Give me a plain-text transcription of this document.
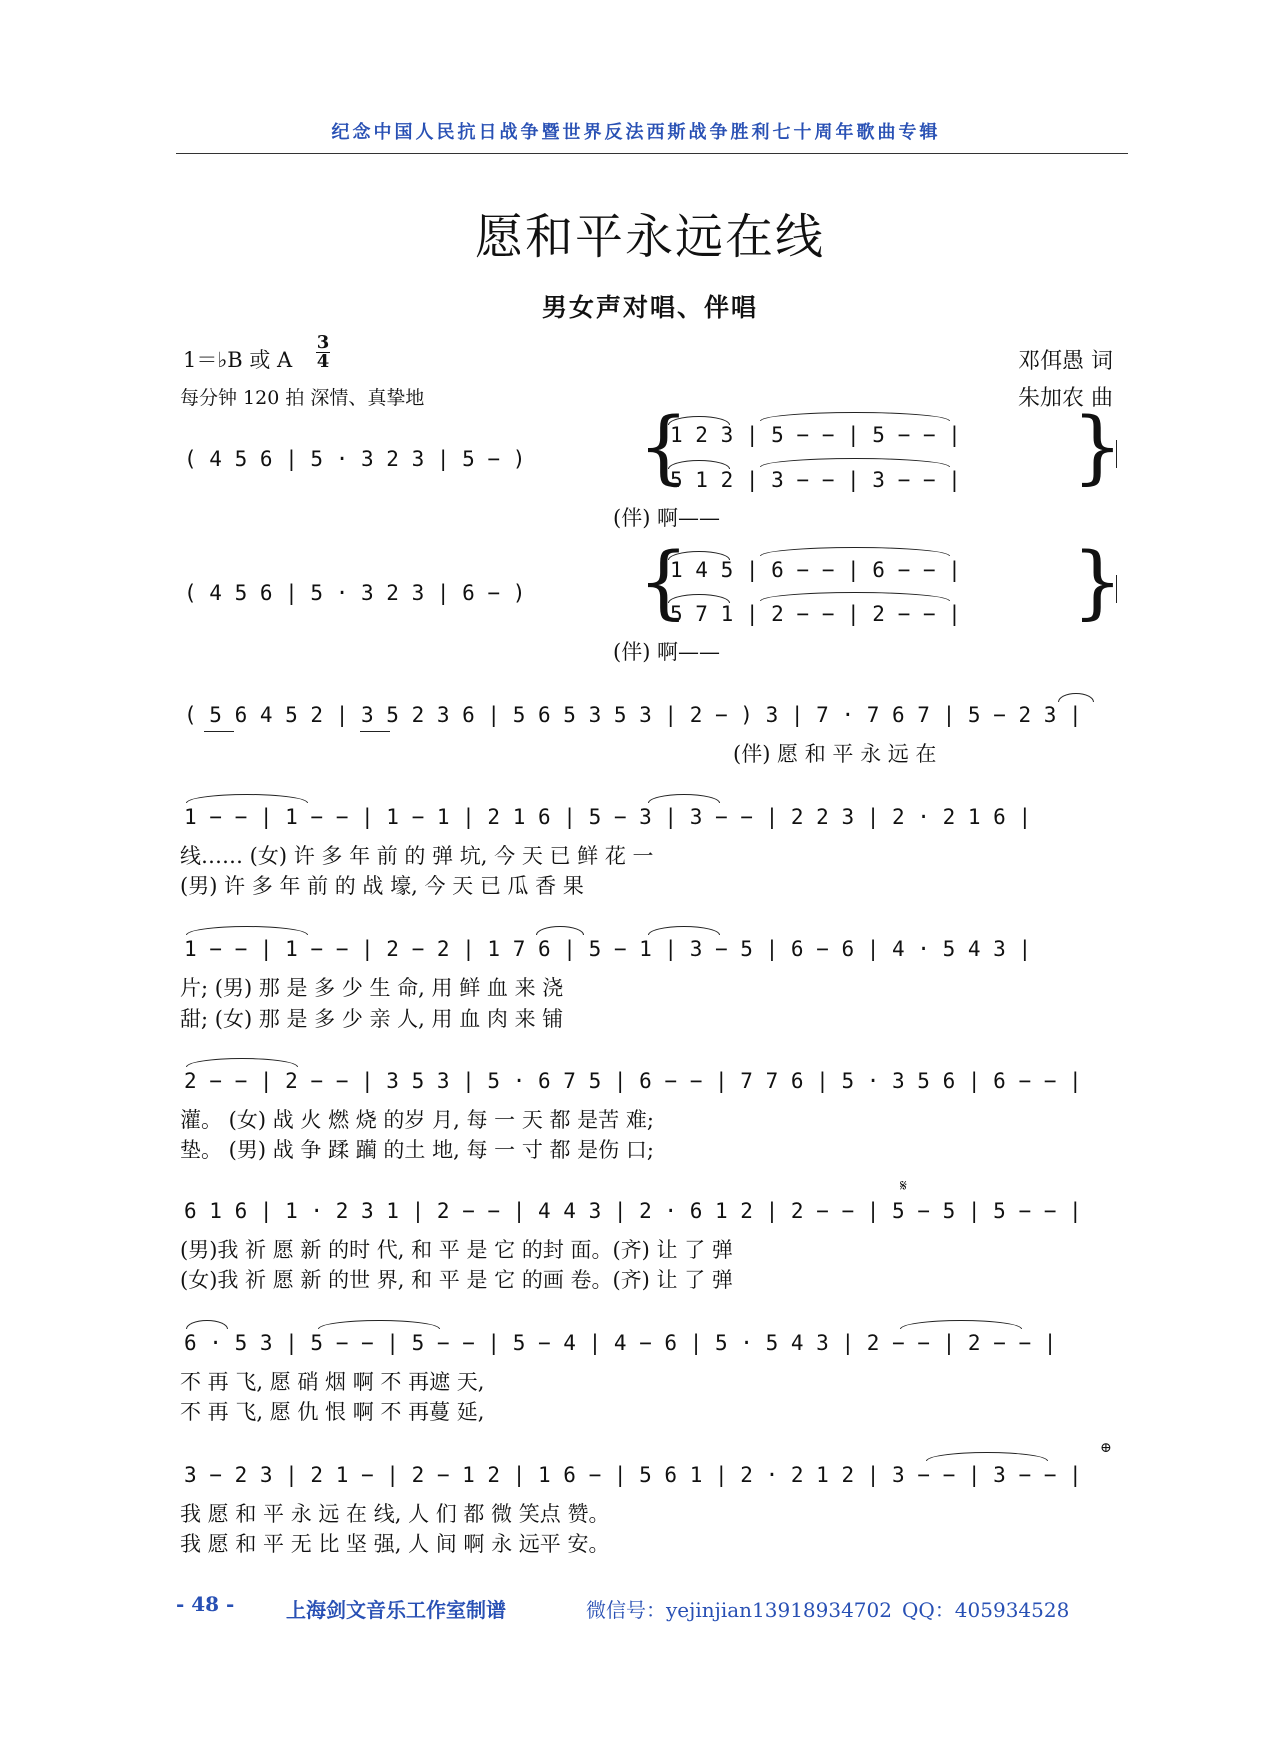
纪念中国人民抗日战争暨世界反法西斯战争胜利七十周年歌曲专辑
愿和平永远在线
男女声对唱、伴唱
1＝♭B 或 A
3
4
每分钟 120 拍 深情、真挚地
邓佴愚 词
朱加农 曲
( 4 5 6 | 5 · 3 2 3 | 5 − ) {
1 2 3 | 5 − − | 5 − − |
5 1 2 | 3 − − | 3 − − |
(伴) 啊——
}
( 4 5 6 | 5 · 3 2 3 | 6 − ) {
1 4 5 | 6 − − | 6 − − |
5 7 1 | 2 − − | 2 − − |
(伴) 啊——
}
( 5 6 4 5 2 | 3 5 2 3 6 | 5 6 5 3 5 3 | 2 − ) 3 | 7 · 7 6 7 | 5 − 2 3 |
(伴) 愿 和 平 永 远 在
1 − − | 1 − − | 1 − 1 | 2 1 6 | 5 − 3 | 3 − − | 2 2 3 | 2 · 2 1 6 |
线…… (女) 许 多 年 前 的 弹 坑, 今 天 已 鲜 花 一
(男) 许 多 年 前 的 战 壕, 今 天 已 瓜 香 果
1 − − | 1 − − | 2 − 2 | 1 7 6 | 5 − 1 | 3 − 5 | 6 − 6 | 4 · 5 4 3 |
片; (男) 那 是 多 少 生 命, 用 鲜 血 来 浇
甜; (女) 那 是 多 少 亲 人, 用 血 肉 来 铺
2 − − | 2 − − | 3 5 3 | 5 · 6 7 5 | 6 − − | 7 7 6 | 5 · 3 5 6 | 6 − − |
灌。 (女) 战 火 燃 烧 的岁 月, 每 一 天 都 是苦 难;
垫。 (男) 战 争 蹂 躏 的土 地, 每 一 寸 都 是伤 口;
6 1 6 | 1 · 2 3 1 | 2 − − | 4 4 3 | 2 · 6 1 2 | 2 − − | 5 − 5 | 5 − − |
(男)我 祈 愿 新 的时 代, 和 平 是 它 的封 面。(齐) 让 了 弹
(女)我 祈 愿 新 的世 界, 和 平 是 它 的画 卷。(齐) 让 了 弹
𝄋
6 · 5 3 | 5 − − | 5 − − | 5 − 4 | 4 − 6 | 5 · 5 4 3 | 2 − − | 2 − − |
不 再 飞, 愿 硝 烟 啊 不 再遮 天,
不 再 飞, 愿 仇 恨 啊 不 再蔓 延,
3 − 2 3 | 2 1 − | 2 − 1 2 | 1 6 − | 5 6 1 | 2 · 2 1 2 | 3 − − | 3 − − |
我 愿 和 平 永 远 在 线, 人 们 都 微 笑点 赞。
我 愿 和 平 无 比 坚 强, 人 间 啊 永 远平 安。
⊕
- 48 -	上海剑文音乐工作室制谱	微信号：yejinjian13918934702 QQ：405934528
